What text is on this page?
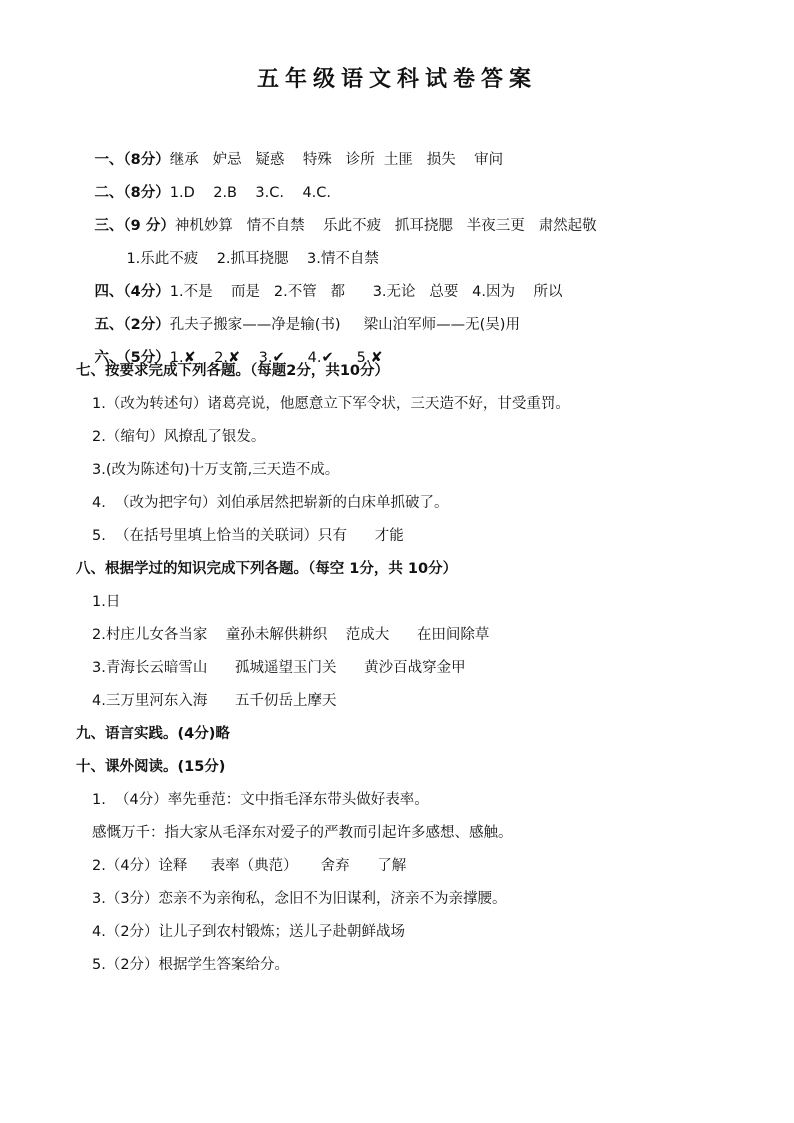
五年级语文科试卷答案

一、（8分）继承   妒忌   疑惑    特殊   诊所  土匪   损失    审问

二、（8分）1.D    2.B    3.C.    4.C.

三、（9 分）神机妙算   情不自禁    乐此不疲   抓耳挠腮   半夜三更   肃然起敬

1.乐此不疲    2.抓耳挠腮    3.情不自禁

四、（4分）1.不是    而是   2.不管   都      3.无论   总要   4.因为    所以

五、（2分）孔夫子搬家——净是输(书)     梁山泊军师——无(吴)用

六、（5分）1.✘    2.✘    3.✔     4.✔     5.✘

七、按要求完成下列各题。（每题2分，共10分）
1.（改为转述句）诸葛亮说，他愿意立下军令状，三天造不好，甘受重罚。
2.（缩句）风撩乱了银发。
3.(改为陈述句)十万支箭,三天造不成。
4.  （改为把字句）刘伯承居然把崭新的白床单抓破了。
5.  （在括号里填上恰当的关联词）只有      才能
八、根据学过的知识完成下列各题。（每空 1分，共 10分）
1.日
2.村庄儿女各当家    童孙未解供耕织    范成大      在田间除草
3.青海长云暗雪山      孤城遥望玉门关      黄沙百战穿金甲
4.三万里河东入海      五千仞岳上摩天
九、语言实践。(4分)略
十、课外阅读。(15分)
1.  （4分）率先垂范：文中指毛泽东带头做好表率。
感慨万千：指大家从毛泽东对爱子的严教而引起许多感想、感触。
2.（4分）诠释     表率（典范）     舍弃      了解
3.（3分）恋亲不为亲徇私，念旧不为旧谋利，济亲不为亲撑腰。
4.（2分）让儿子到农村锻炼；送儿子赴朝鲜战场
5.（2分）根据学生答案给分。
